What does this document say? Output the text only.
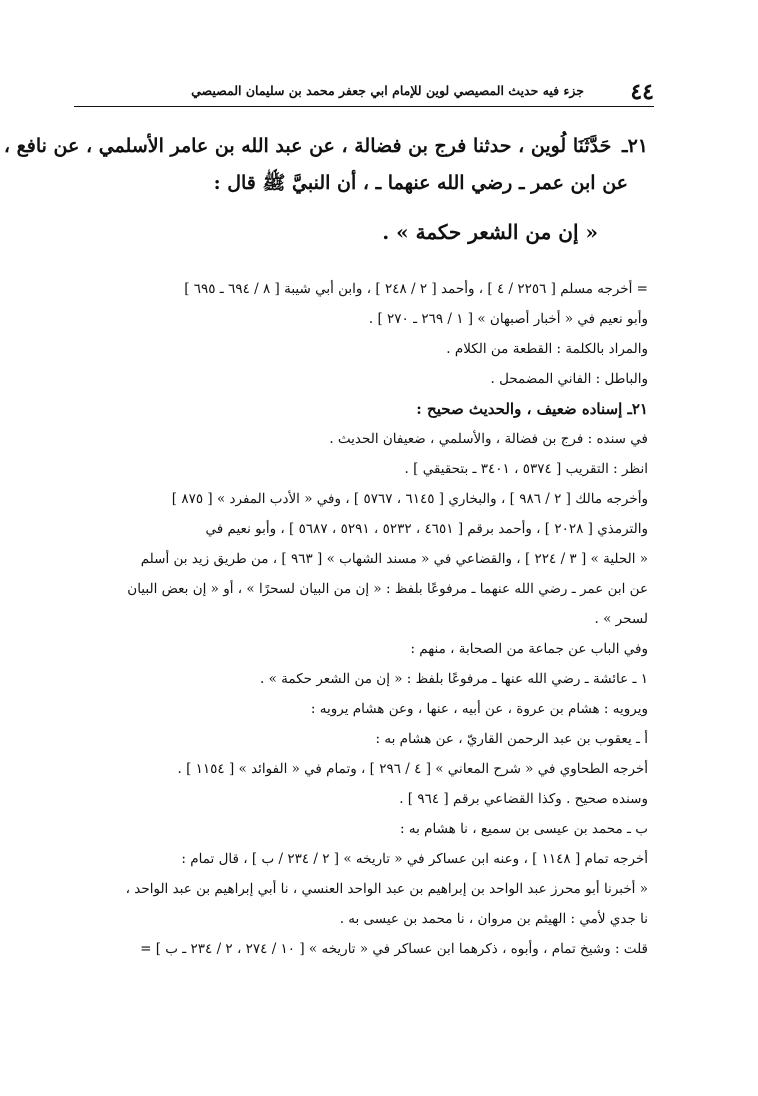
٤٤
جزء فيه حديث المصيصي لوين للإمام ابي جعفر محمد بن سليمان المصيصي
٢١ـ حَدَّثَنَا لُوين ، حدثنا فرج بن فضالة ، عن عبد الله بن عامر الأسلمي ، عن نافع ،
عن ابن عمر ـ رضي الله عنهما ـ ، أن النبيَّ ﷺ قال :
« إن من الشعر حكمة » .
= أخرجه مسلم [ ٢٢٥٦ / ٤ ] ، وأحمد [ ٢ / ٢٤٨ ] ، وابن أبي شيبة [ ٨ / ٦٩٤ ـ ٦٩٥ ]
وأبو نعيم في « أخبار أصبهان » [ ١ / ٢٦٩ ـ ٢٧٠ ] .
والمراد بالكلمة : القطعة من الكلام .
والباطل : الفاني المضمحل .
٢١ـ إسناده ضعيف ، والحديث صحيح :
في سنده : فرج بن فضالة ، والأسلمي ، ضعيفان الحديث .
انظر : التقريب [ ٥٣٧٤ ، ٣٤٠١ ـ بتحقيقي ] .
وأخرجه مالك [ ٢ / ٩٨٦ ] ، والبخاري [ ٦١٤٥ ، ٥٧٦٧ ] ، وفي « الأدب المفرد » [ ٨٧٥ ]
والترمذي [ ٢٠٢٨ ] ، وأحمد برقم [ ٤٦٥١ ، ٥٢٣٢ ، ٥٢٩١ ، ٥٦٨٧ ] ، وأبو نعيم في
« الحلية » [ ٣ / ٢٢٤ ] ، والقضاعي في « مسند الشهاب » [ ٩٦٣ ] ، من طريق زيد بن أسلم
عن ابن عمر ـ رضي الله عنهما ـ مرفوعًا بلفظ : « إن من البيان لسحرًا » ، أو « إن بعض البيان
لسحر » .
وفي الباب عن جماعة من الصحابة ، منهم :
١ ـ عائشة ـ رضي الله عنها ـ مرفوعًا بلفظ : « إن من الشعر حكمة » .
ويرويه : هشام بن عروة ، عن أبيه ، عنها ، وعن هشام يرويه :
أ ـ يعقوب بن عبد الرحمن القاريّ ، عن هشام به :
أخرجه الطحاوي في « شرح المعاني » [ ٤ / ٢٩٦ ] ، وتمام في « الفوائد » [ ١١٥٤ ] .
وسنده صحيح . وكذا القضاعي برقم [ ٩٦٤ ] .
ب ـ محمد بن عيسى بن سميع ، نا هشام به :
أخرجه تمام [ ١١٤٨ ] ، وعنه ابن عساكر في « تاريخه » [ ٢ / ٢٣٤ / ب ] ، قال تمام :
« أخبرنا أبو محرز عبد الواحد بن إبراهيم بن عبد الواحد العنسي ، نا أبي إبراهيم بن عبد الواحد ،
نا جدي لأمي : الهيثم بن مروان ، نا محمد بن عيسى به .
قلت : وشيخ تمام ، وأبوه ، ذكرهما ابن عساكر في « تاريخه » [ ١٠ / ٢٧٤ ، ٢ / ٢٣٤ ـ ب ] =
